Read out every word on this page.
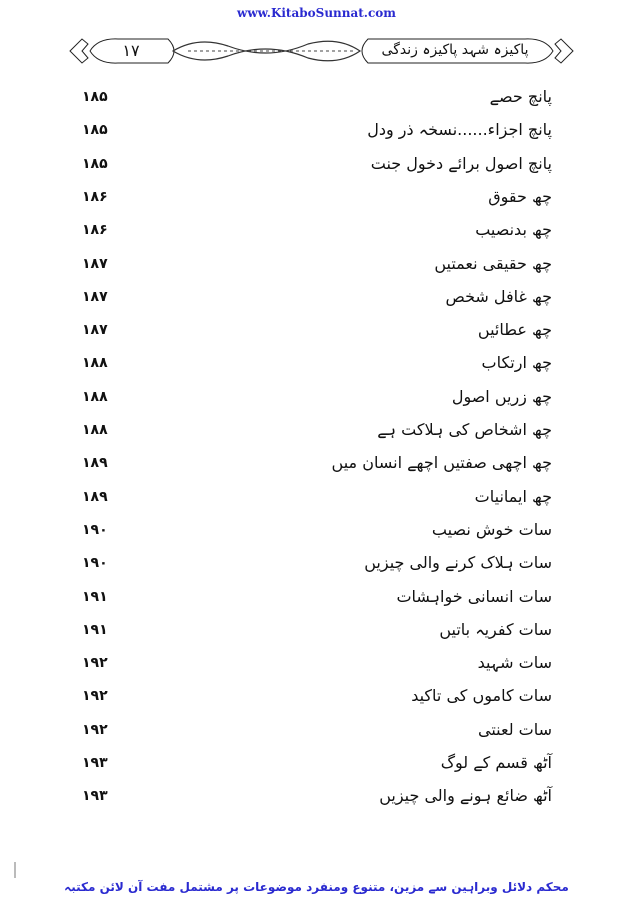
www.KitaboSunnat.com
۱۷	پاکیزہ شہد پاکیزہ زندگی
پانچ حصے
۱۸۵
پانچ اجزاء......نسخہ ذر ودل
۱۸۵
پانچ اصول برائے دخول جنت
۱۸۵
چھ حقوق
۱۸۶
چھ بدنصیب
۱۸۶
چھ حقیقی نعمتیں
۱۸۷
چھ غافل شخص
۱۸۷
چھ عطائیں
۱۸۷
چھ ارتکاب
۱۸۸
چھ زریں اصول
۱۸۸
چھ اشخاص کی ہلاکت ہے
۱۸۸
چھ اچھی صفتیں اچھے انسان میں
۱۸۹
چھ ایمانیات
۱۸۹
سات خوش نصیب
۱۹۰
سات ہلاک کرنے والی چیزیں
۱۹۰
سات انسانی خواہشات
۱۹۱
سات کفریہ باتیں
۱۹۱
سات شہید
۱۹۲
سات کاموں کی تاکید
۱۹۲
سات لعنتی
۱۹۲
آٹھ قسم کے لوگ
۱۹۳
آٹھ ضائع ہونے والی چیزیں
۱۹۳
محکم دلائل وبراہین سے مزین، متنوع ومنفرد موضوعات پر مشتمل مفت آن لائن مکتبہ
